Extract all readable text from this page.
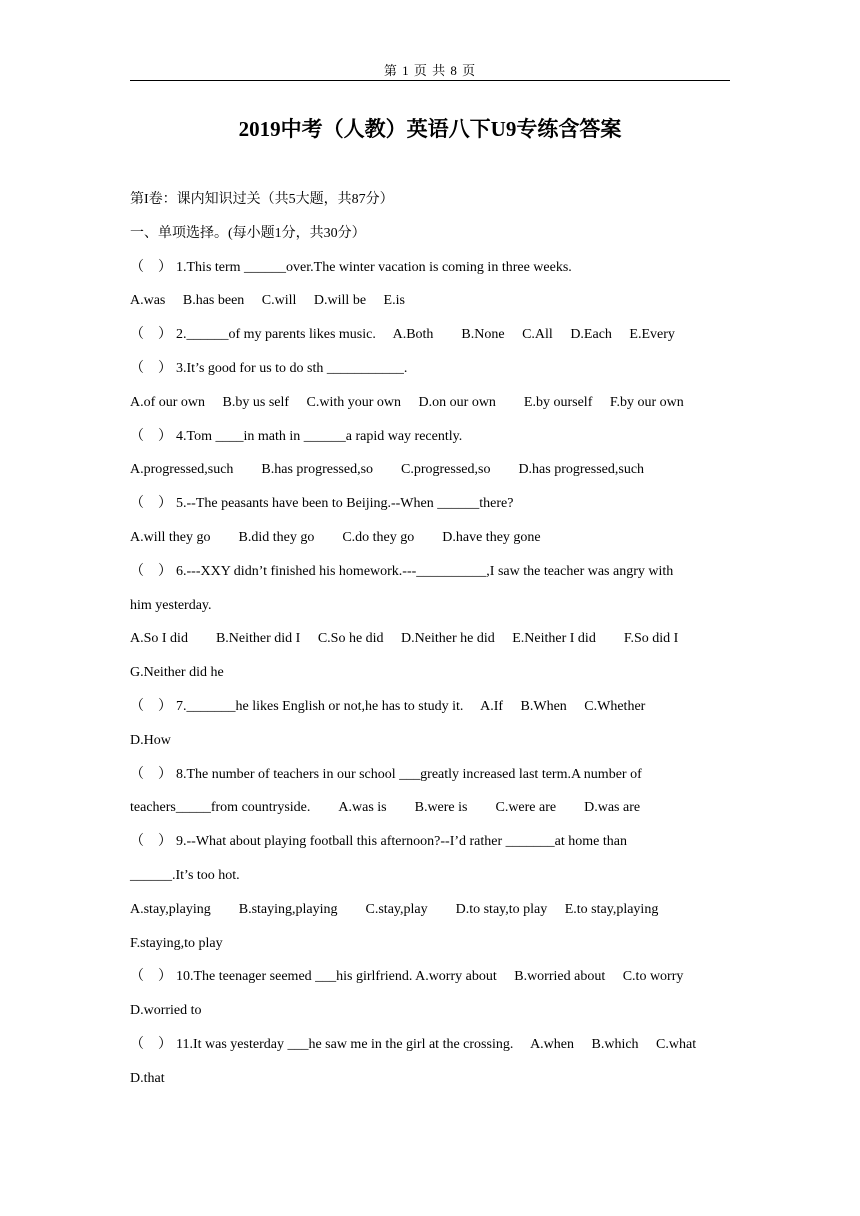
第 1 页 共 8 页
2019中考（人教）英语八下U9专练含答案
第I卷：课内知识过关（共5大题，共87分）
一、单项选择。(每小题1分，共30分）
（　） 1.This term ______over.The winter vacation is coming in three weeks.
A.was　 B.has been　 C.will　 D.will be　 E.is
（　） 2.______of my parents likes music.　 A.Both　　B.None　 C.All　 D.Each　 E.Every
（　） 3.It’s good for us to do sth ___________.
A.of our own　 B.by us self　 C.with your own　 D.on our own　　E.by ourself　 F.by our own
（　） 4.Tom ____in math in ______a rapid way recently.
A.progressed,such　　B.has progressed,so　　C.progressed,so　　D.has progressed,such
（　） 5.--The peasants have been to Beijing.--When ______there?
A.will they go　　B.did they go　　C.do they go　　D.have they gone
（　） 6.---XXY didn’t finished his homework.---__________,I saw the teacher was angry with
him yesterday.
A.So I did　　B.Neither did I　 C.So he did　 D.Neither he did　 E.Neither I did　　F.So did I
G.Neither did he
（　） 7._______he likes English or not,he has to study it.　 A.If　 B.When　 C.Whether
D.How
（　） 8.The number of teachers in our school ___greatly increased last term.A number of
teachers_____from countryside.　　A.was is　　B.were is　　C.were are　　D.was are
（　） 9.--What about playing football this afternoon?--I’d rather _______at home than
______.It’s too hot.
A.stay,playing　　B.staying,playing　　C.stay,play　　D.to stay,to play　 E.to stay,playing
F.staying,to play
（　） 10.The teenager seemed ___his girlfriend. A.worry about　 B.worried about　 C.to worry
D.worried to
（　） 11.It was yesterday ___he saw me in the girl at the crossing.　 A.when　 B.which　 C.what
D.that
